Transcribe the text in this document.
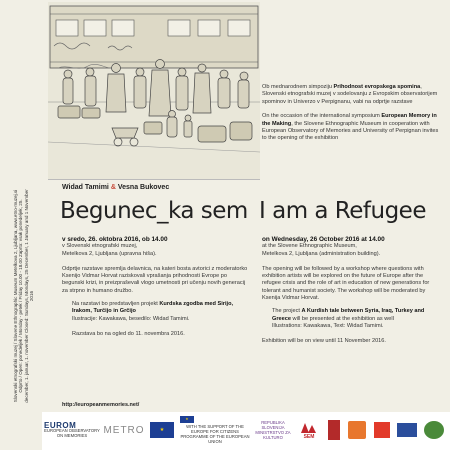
Slovenski etnografski muzej / Slovene Ethnographic Museum Metelkova 2, Ljubljana, www.etno-muzej.si Odprto / Open: ponedeljek / Monday - petek / Friday 10.00 - 18.00 Zaprto: vsak ponedeljek, 25. december, 1. januar, 1. november Closed: Sundays, Mondays, 25 December, 1 January and 1 November 2016

Ob mednarodnem simpoziju Prihodnost evropskega spomina, Slovenski etnografski muzej v sodelovanju z Evropskim observatorijem spominov in Univerzo v Perpignanu, vabi na odprtje razstave

On the occasion of the international symposium European Memory in the Making, the Slovene Ethnographic Museum in cooperation with European Observatory of Memories and University of Perpignan invites to the opening of the exhibition

Widad Tamimi & Vesna Bukovec
Begunec_ka sem I am a Refugee
v sredo, 26. oktobra 2016, ob 14.00
v Slovenski etnografski muzej,
Metelkova 2, Ljubljana (upravna hiša).

Odprtje razstave spremlja delavnica, na kateri bosta avtorici z moderatorko Ksenijo Vidmar Horvat raziskovali vprašanja prihodnosti Evrope po begunski krizi, in preizpraševali vlogo umetnosti pri učenju novih generacij za strpno in humano družbo.

Na razstavi bo predstavljen projekt Kurdska zgodba med Sirijo, Irakom, Turčijo in Grčijo
Ilustracije: Kawakawa, besedilo: Widad Tamimi.
Razstava bo na ogled do 11. novembra 2016.
on Wednesday, 26 October 2016 at 14.00
at the Slovene Ethnographic Museum,
Metelkova 2, Ljubljana (administration building).

The opening will be followed by a workshop where questions with exhibition artists will be explored on the future of Europe after the refugee crisis and the role of art in education of new generations for tolerant and humanist society. The workshop will be moderated by Ksenija Vidmar Horvat.

The project A Kurdish tale between Syria, Iraq, Turkey and Greece will be presented at the exhibition as well
Illustrations: Kawakawa, Text: Widad Tamimi.
Exhibition will be on view until 11 November 2016.
http://europeanmemories.net/
EUROM
EUROPEAN OBSERVATORY ON MEMORIES	METRO	★
★
WITH THE SUPPORT OF THE EUROPE FOR CITIZENS PROGRAMME OF THE EUROPEAN UNION
REPUBLIKA SLOVENIJA MINISTRSTVO ZA KULTURO	SEM
